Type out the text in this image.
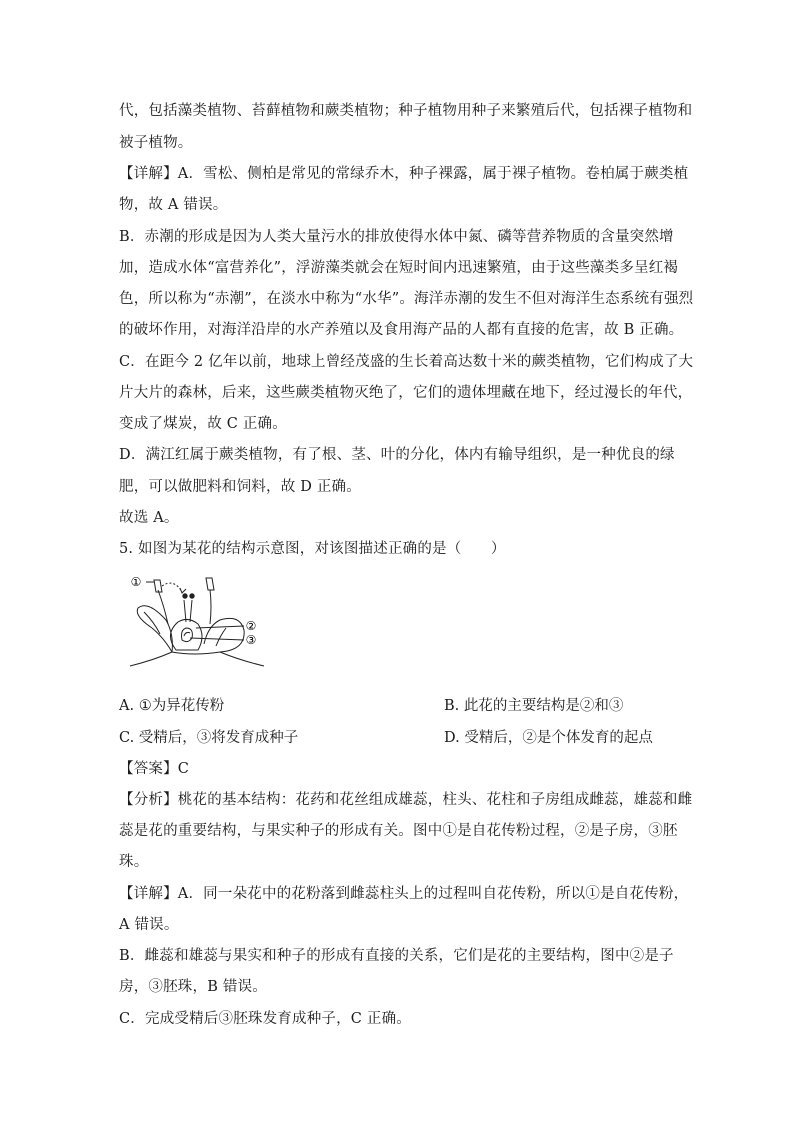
代，包括藻类植物、苔藓植物和蕨类植物；种子植物用种子来繁殖后代，包括裸子植物和
被子植物。
【详解】A．雪松、侧柏是常见的常绿乔木，种子裸露，属于裸子植物。卷柏属于蕨类植
物，故 A 错误。
B．赤潮的形成是因为人类大量污水的排放使得水体中氮、磷等营养物质的含量突然增
加，造成水体“富营养化”，浮游藻类就会在短时间内迅速繁殖，由于这些藻类多呈红褐
色，所以称为“赤潮”，在淡水中称为“水华”。海洋赤潮的发生不但对海洋生态系统有强烈
的破坏作用，对海洋沿岸的水产养殖以及食用海产品的人都有直接的危害，故 B 正确。
C．在距今 2 亿年以前，地球上曾经茂盛的生长着高达数十米的蕨类植物，它们构成了大
片大片的森林，后来，这些蕨类植物灭绝了，它们的遗体埋藏在地下，经过漫长的年代，
变成了煤炭，故 C 正确。
D．满江红属于蕨类植物，有了根、茎、叶的分化，体内有输导组织，是一种优良的绿
肥，可以做肥料和饲料，故 D 正确。
故选 A。
5. 如图为某花的结构示意图，对该图描述正确的是（　　）
①
②
③
A. ①为异花传粉	B. 此花的主要结构是②和③
C. 受精后，③将发育成种子	D. 受精后，②是个体发育的起点
【答案】C
【分析】桃花的基本结构：花药和花丝组成雄蕊，柱头、花柱和子房组成雌蕊，雄蕊和雌
蕊是花的重要结构，与果实种子的形成有关。图中①是自花传粉过程，②是子房，③胚
珠。
【详解】A．同一朵花中的花粉落到雌蕊柱头上的过程叫自花传粉，所以①是自花传粉，
A 错误。
B．雌蕊和雄蕊与果实和种子的形成有直接的关系，它们是花的主要结构，图中②是子
房，③胚珠，B 错误。
C．完成受精后③胚珠发育成种子，C 正确。
